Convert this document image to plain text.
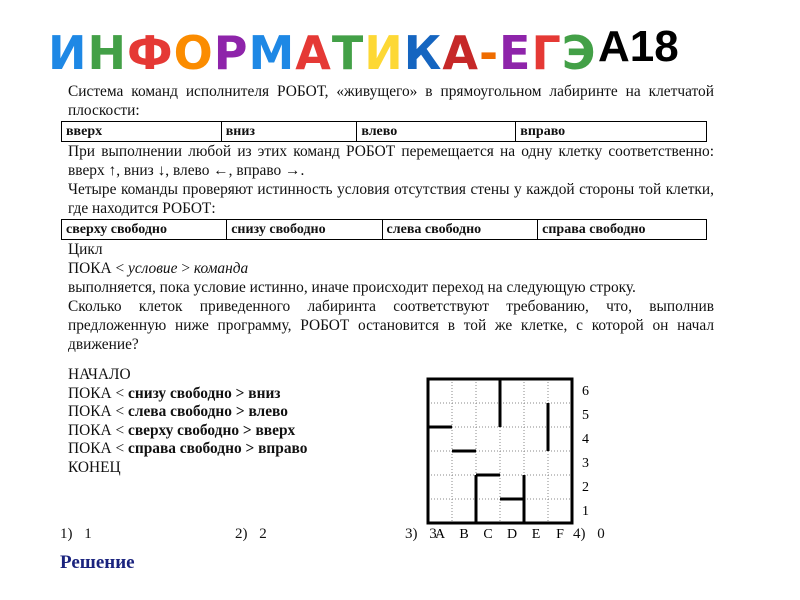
И Н Ф О Р М А Т И К А - Е Г Э А18

Система команд исполнителя РОБОТ, «живущего» в прямоугольном лабиринте на клетчатой плоскости:

вверх	вниз	влево	вправо

При выполнении любой из этих команд РОБОТ перемещается на одну клетку соответственно: вверх ↑, вниз ↓, влево ←, вправо →.

Четыре команды проверяют истинность условия отсутствия стены у каждой стороны той клетки, где находится РОБОТ:

сверху свободно	снизу свободно	слева свободно	справа свободно

Цикл

ПОКА < условие > команда

выполняется, пока условие истинно, иначе происходит переход на следующую строку.

Сколько клеток приведенного лабиринта соответствуют требованию, что, выполнив предложенную ниже программу, РОБОТ остановится в той же клетке, с которой он начал движение?

НАЧАЛО
ПОКА < снизу свободно > вниз
ПОКА < слева свободно > влево
ПОКА < сверху свободно > вверх
ПОКА < справа свободно > вправо
КОНЕЦ
6
5
4
3
2
1
A B C D E F
1) 1	2) 2	3) 3	4) 0
Решение
